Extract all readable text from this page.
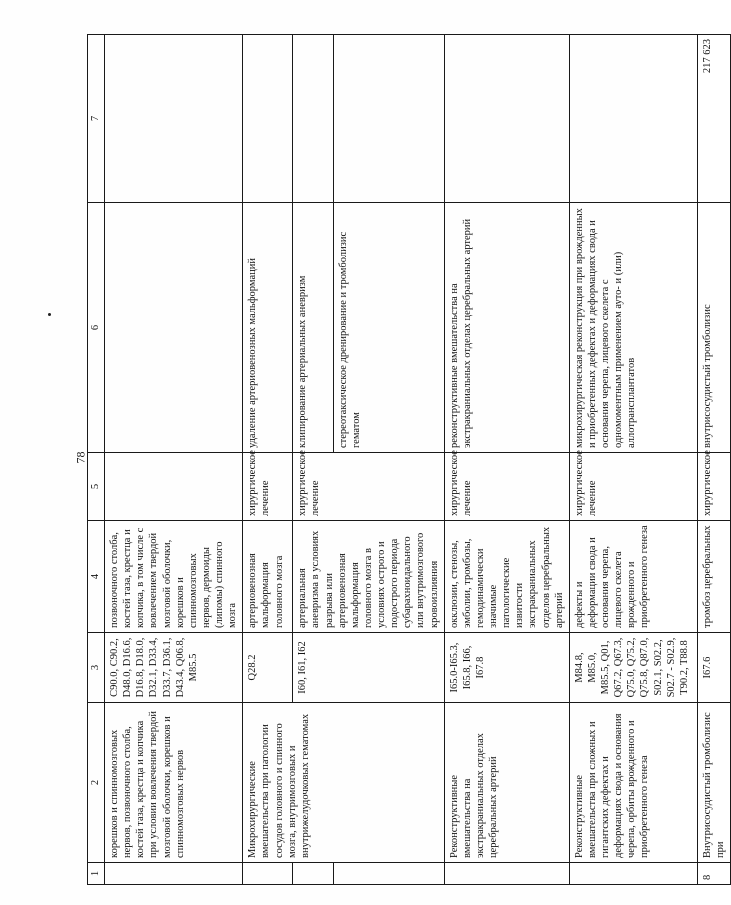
78
1	2	3	4	5	6	7
	корешков и спинномозговых нервов, позвоночного столба, костей таза, крестца и копчика при условии вовлечения твердой мозговой оболочки, корешков и спинномозговых нервов	C90.0, C90.2, D48.0, D16.6, D16.8, D18.0, D32.1, D33.4, D33.7, D36.1, D43.4, Q06.8, M85.5	позвоночного столба, костей таза, крестца и копчика, в том числе с вовлечением твердой мозговой оболочки, корешков и спинномозговых нервов, дермоиды (липомы) спинного мозга			
	Микрохирургические вмешательства при патологии сосудов головного и спинного мозга, внутримозговых и внутрижелудочковых гематомах	Q28.2	артериовенозная мальформация головного мозга	хирургическое лечение	удаление артериовенозных мальформаций	
		I60, I61, I62	артериальная аневризма в условиях разрыва или артериовенозная мальформация головного мозга в условиях острого и подострого периода субарахноидального или внутримозгового кровоизлияния	хирургическое лечение	клипирование артериальных аневризм	
					стереотаксическое дренирование и тромболизис гематом	
	Реконструктивные вмешательства на экстракраниальных отделах церебральных артерий	I65.0-I65.3, I65.8, I66, I67.8	окклюзии, стенозы, эмболии, тромбозы, гемодинамически значимые патологические извитости экстракраниальных отделов церебральных артерий	хирургическое лечение	реконструктивные вмешательства на экстракраниальных отделах церебральных артерий	
	Реконструктивные вмешательства при сложных и гигантских дефектах и деформациях свода и основания черепа, орбиты врожденного и приобретенного генеза	M84.8, M85.0, M85.5, Q01, Q67.2, Q67.3, Q75.0, Q75.2, Q75.8, Q87.0, S02.1, S02.2, S02.7 - S02.9, T90.2, T88.8	дефекты и деформации свода и основания черепа, лицевого скелета врожденного и приобретенного генеза	хирургическое лечение	микрохирургическая реконструкция при врожденных и приобретенных дефектах и деформациях свода и основания черепа, лицевого скелета с одномоментным применением ауто- и (или) аллотрансплантатов	
8	Внутрисосудистый тромболизис при	I67.6	тромбоз церебральных	хирургическое	внутрисосудистый тромболизис	217 623
